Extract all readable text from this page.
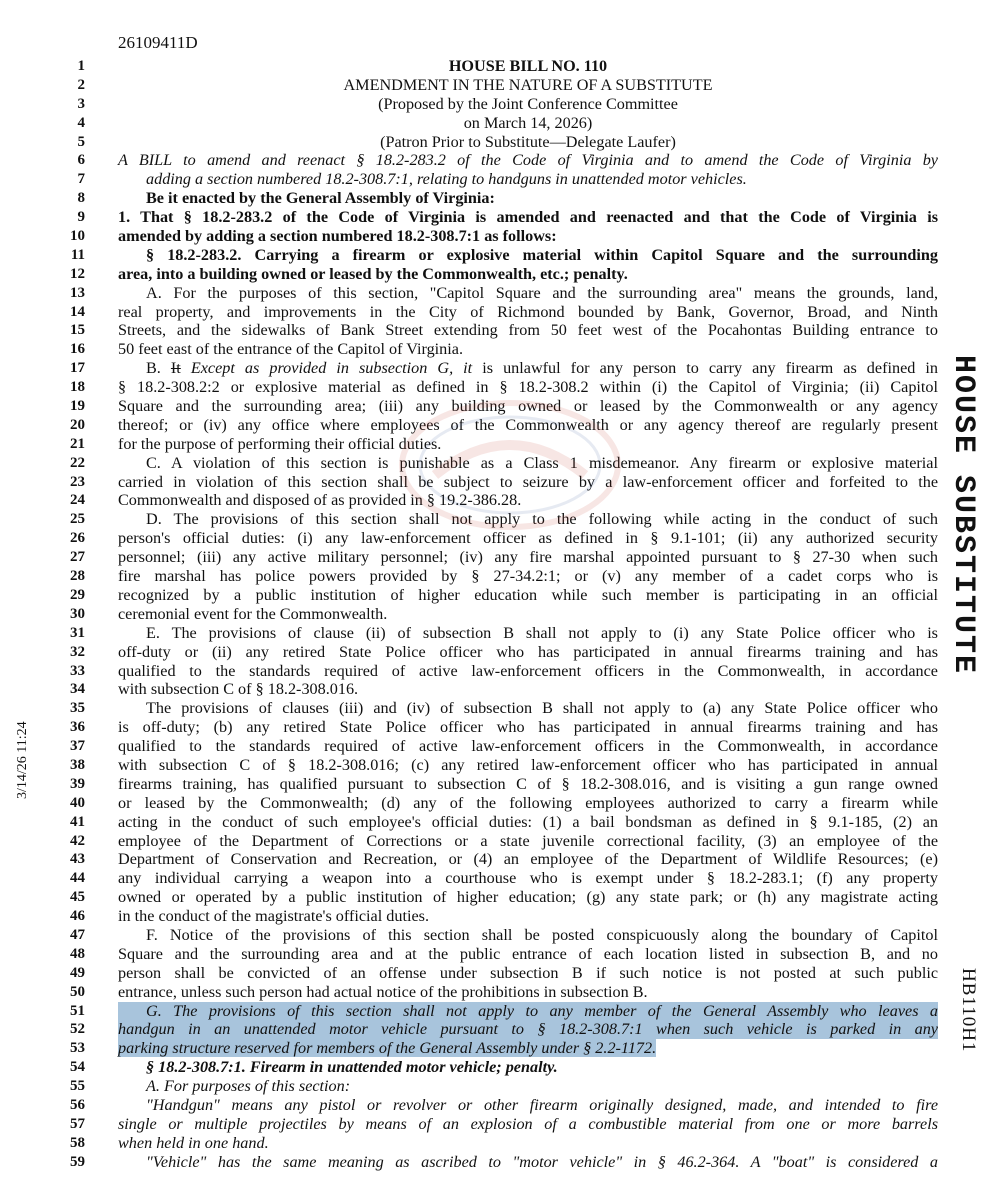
26109411D
1	HOUSE BILL NO. 110
2	AMENDMENT IN THE NATURE OF A SUBSTITUTE
3	(Proposed by the Joint Conference Committee
4	on March 14, 2026)
5	(Patron Prior to Substitute—Delegate Laufer)
6 A BILL to amend and reenact § 18.2-283.2 of the Code of Virginia and to amend the Code of Virginia by
7	adding a section numbered 18.2-308.7:1, relating to handguns in unattended motor vehicles.
8	Be it enacted by the General Assembly of Virginia:
9 1. That § 18.2-283.2 of the Code of Virginia is amended and reenacted and that the Code of Virginia is
10 amended by adding a section numbered 18.2-308.7:1 as follows:
11	§ 18.2-283.2. Carrying a firearm or explosive material within Capitol Square and the surrounding
12 area, into a building owned or leased by the Commonwealth, etc.; penalty.
13	A. For the purposes of this section, "Capitol Square and the surrounding area" means the grounds, land,
14 real property, and improvements in the City of Richmond bounded by Bank, Governor, Broad, and Ninth
15 Streets, and the sidewalks of Bank Street extending from 50 feet west of the Pocahontas Building entrance to
16 50 feet east of the entrance of the Capitol of Virginia.
17	B. It Except as provided in subsection G, it is unlawful for any person to carry any firearm as defined in
18 § 18.2-308.2:2 or explosive material as defined in § 18.2-308.2 within (i) the Capitol of Virginia; (ii) Capitol
19 Square and the surrounding area; (iii) any building owned or leased by the Commonwealth or any agency
20 thereof; or (iv) any office where employees of the Commonwealth or any agency thereof are regularly present
21 for the purpose of performing their official duties.
22	C. A violation of this section is punishable as a Class 1 misdemeanor. Any firearm or explosive material
23 carried in violation of this section shall be subject to seizure by a law-enforcement officer and forfeited to the
24 Commonwealth and disposed of as provided in § 19.2-386.28.
25	D. The provisions of this section shall not apply to the following while acting in the conduct of such
26 person's official duties: (i) any law-enforcement officer as defined in § 9.1-101; (ii) any authorized security
27 personnel; (iii) any active military personnel; (iv) any fire marshal appointed pursuant to § 27-30 when such
28 fire marshal has police powers provided by § 27-34.2:1; or (v) any member of a cadet corps who is
29 recognized by a public institution of higher education while such member is participating in an official
30 ceremonial event for the Commonwealth.
31	E. The provisions of clause (ii) of subsection B shall not apply to (i) any State Police officer who is
32 off-duty or (ii) any retired State Police officer who has participated in annual firearms training and has
33 qualified to the standards required of active law-enforcement officers in the Commonwealth, in accordance
34 with subsection C of § 18.2-308.016.
35	The provisions of clauses (iii) and (iv) of subsection B shall not apply to (a) any State Police officer who
36 is off-duty; (b) any retired State Police officer who has participated in annual firearms training and has
37 qualified to the standards required of active law-enforcement officers in the Commonwealth, in accordance
38 with subsection C of § 18.2-308.016; (c) any retired law-enforcement officer who has participated in annual
39 firearms training, has qualified pursuant to subsection C of § 18.2-308.016, and is visiting a gun range owned
40 or leased by the Commonwealth; (d) any of the following employees authorized to carry a firearm while
41 acting in the conduct of such employee's official duties: (1) a bail bondsman as defined in § 9.1-185, (2) an
42 employee of the Department of Corrections or a state juvenile correctional facility, (3) an employee of the
43 Department of Conservation and Recreation, or (4) an employee of the Department of Wildlife Resources; (e)
44 any individual carrying a weapon into a courthouse who is exempt under § 18.2-283.1; (f) any property
45 owned or operated by a public institution of higher education; (g) any state park; or (h) any magistrate acting
46 in the conduct of the magistrate's official duties.
47	F. Notice of the provisions of this section shall be posted conspicuously along the boundary of Capitol
48 Square and the surrounding area and at the public entrance of each location listed in subsection B, and no
49 person shall be convicted of an offense under subsection B if such notice is not posted at such public
50 entrance, unless such person had actual notice of the prohibitions in subsection B.
51	G. The provisions of this section shall not apply to any member of the General Assembly who leaves a
52 handgun in an unattended motor vehicle pursuant to § 18.2-308.7:1 when such vehicle is parked in any
53 parking structure reserved for members of the General Assembly under § 2.2-1172.
54	§ 18.2-308.7:1. Firearm in unattended motor vehicle; penalty.
55	A. For purposes of this section:
56	"Handgun" means any pistol or revolver or other firearm originally designed, made, and intended to fire
57 single or multiple projectiles by means of an explosion of a combustible material from one or more barrels
58 when held in one hand.
59	"Vehicle" has the same meaning as ascribed to "motor vehicle" in § 46.2-364. A "boat" is considered a
HOUSE SUBSTITUTE
HB110H1
3/14/26 11:24
